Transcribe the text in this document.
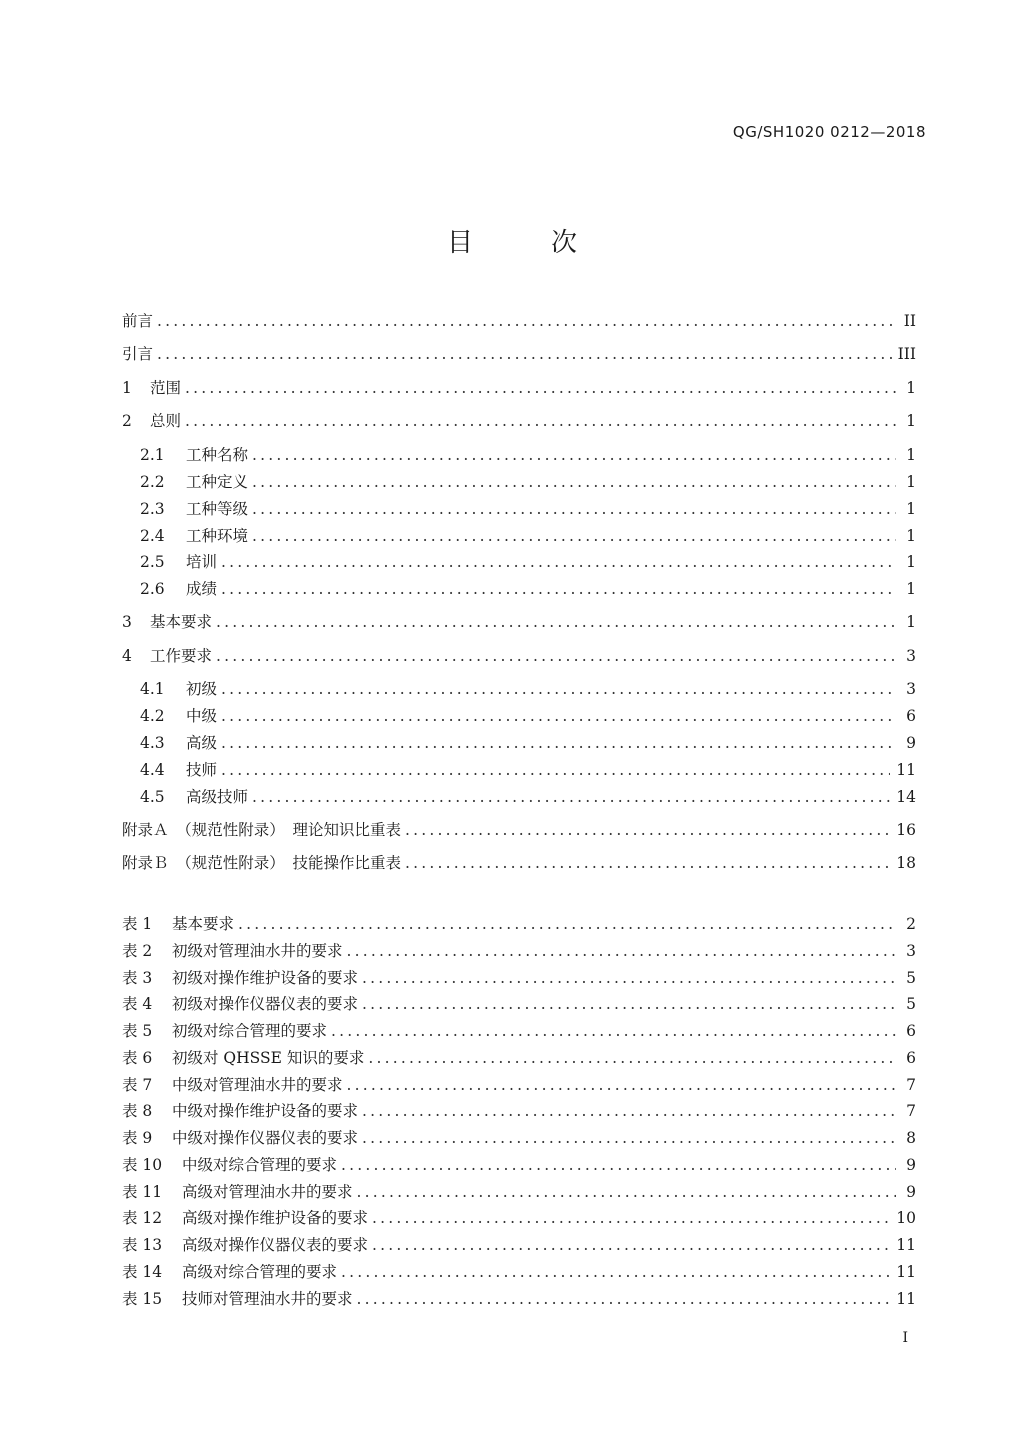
QG/SH1020 0212—2018
目　次
前言 .....	II
引言 .....	III
1	范围 .....	1
2	总则 .....	1
2.1	工种名称 .....	1
2.2	工种定义 .....	1
2.3	工种等级 .....	1
2.4	工种环境 .....	1
2.5	培训 .....	1
2.6	成绩 .....	1
3	基本要求 .....	1
4	工作要求 .....	3
4.1	初级 .....	3
4.2	中级 .....	6
4.3	高级 .....	9
4.4	技师 .....	11
4.5	高级技师 .....	14
附录Ａ　（规范性附录）　理论知识比重表 .....	16
附录Ｂ　（规范性附录）　技能操作比重表 .....	18
表 1	基本要求 .....	2
表 2	初级对管理油水井的要求 .....	3
表 3	初级对操作维护设备的要求 .....	5
表 4	初级对操作仪器仪表的要求 .....	5
表 5	初级对综合管理的要求 .....	6
表 6	初级对 QHSSE 知识的要求 .....	6
表 7	中级对管理油水井的要求 .....	7
表 8	中级对操作维护设备的要求 .....	7
表 9	中级对操作仪器仪表的要求 .....	8
表 10	中级对综合管理的要求 .....	9
表 11	高级对管理油水井的要求 .....	9
表 12	高级对操作维护设备的要求 .....	10
表 13	高级对操作仪器仪表的要求 .....	11
表 14	高级对综合管理的要求 .....	11
表 15	技师对管理油水井的要求 .....	11
I
